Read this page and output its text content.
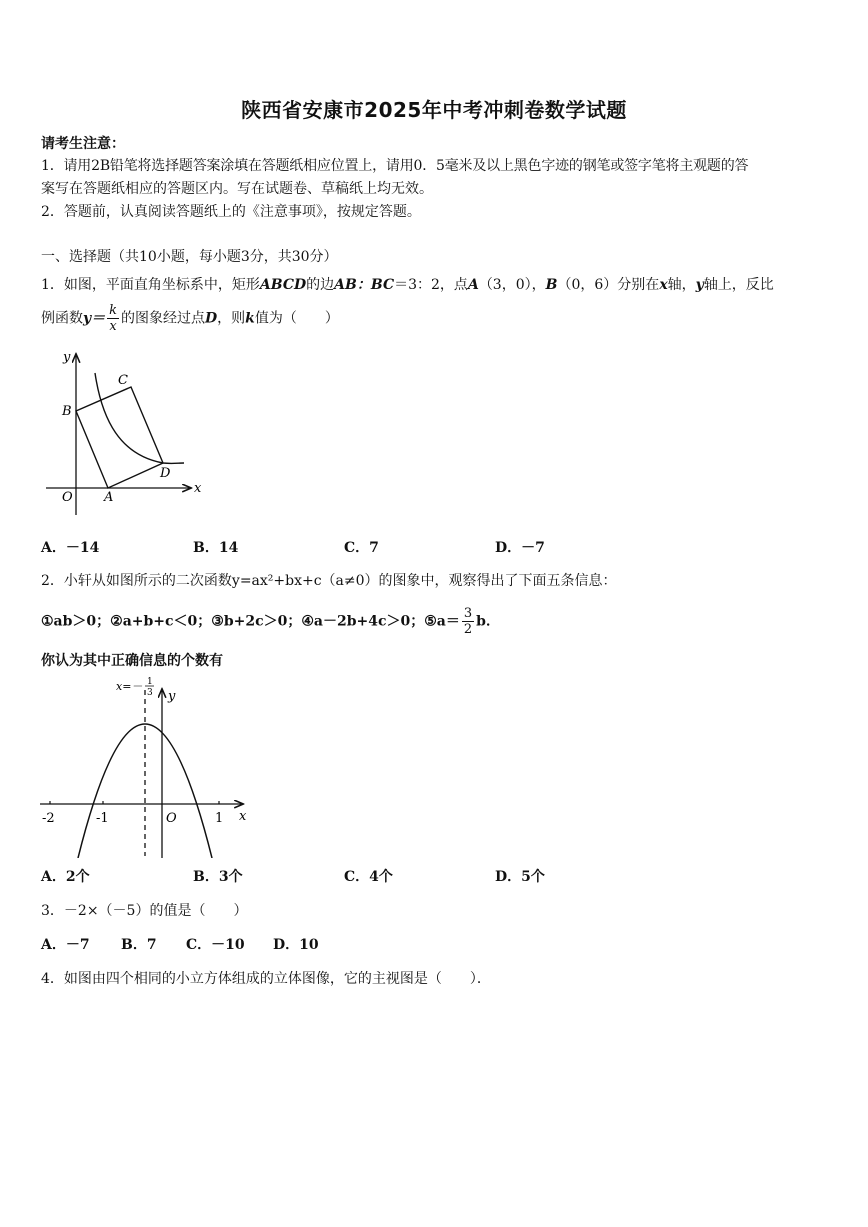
陕西省安康市2025年中考冲刺卷数学试题
请考生注意：
1．请用2B铅笔将选择题答案涂填在答题纸相应位置上，请用0．5毫米及以上黑色字迹的钢笔或签字笔将主观题的答
案写在答题纸相应的答题区内。写在试题卷、草稿纸上均无效。
2．答题前，认真阅读答题纸上的《注意事项》，按规定答题。
一、选择题（共10小题，每小题3分，共30分）
1．如图，平面直角坐标系中，矩形ABCD的边AB：BC＝3：2，点A（3，0），B（0，6）分别在x轴，y轴上，反比
例函数$y= \frac{k}{x}$ 的图象经过点D，则k值为（　　）
y
x
O A
B
C
D
A．－14	B．14	C．7	D．－7
2．小轩从如图所示的二次函数y=ax²+bx+c（a≠0）的图象中，观察得出了下面五条信息：
①ab＞0；②a+b+c＜0；③b+2c＞0；④a－2b+4c＞0；⑤a＝ $\frac{3}{2}$ b．
你认为其中正确信息的个数有
-2	-1	1
O	x
y
x=－ 1
3
A．2个	B．3个	C．4个	D．5个
3．－2×（－5）的值是（　　）
A．－7 B．7 C．－10 D．10
4．如图由四个相同的小立方体组成的立体图像，它的主视图是（　　）．
